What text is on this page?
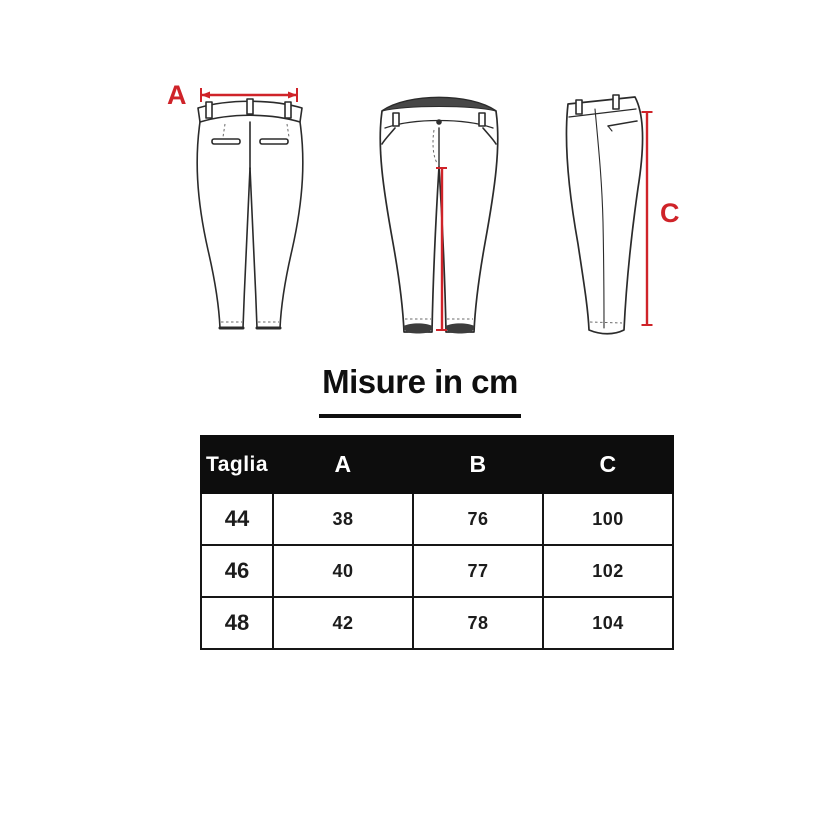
A
C
Misure in cm
Taglia	A	B	C
44	38	76	100
46	40	77	102
48	42	78	104
